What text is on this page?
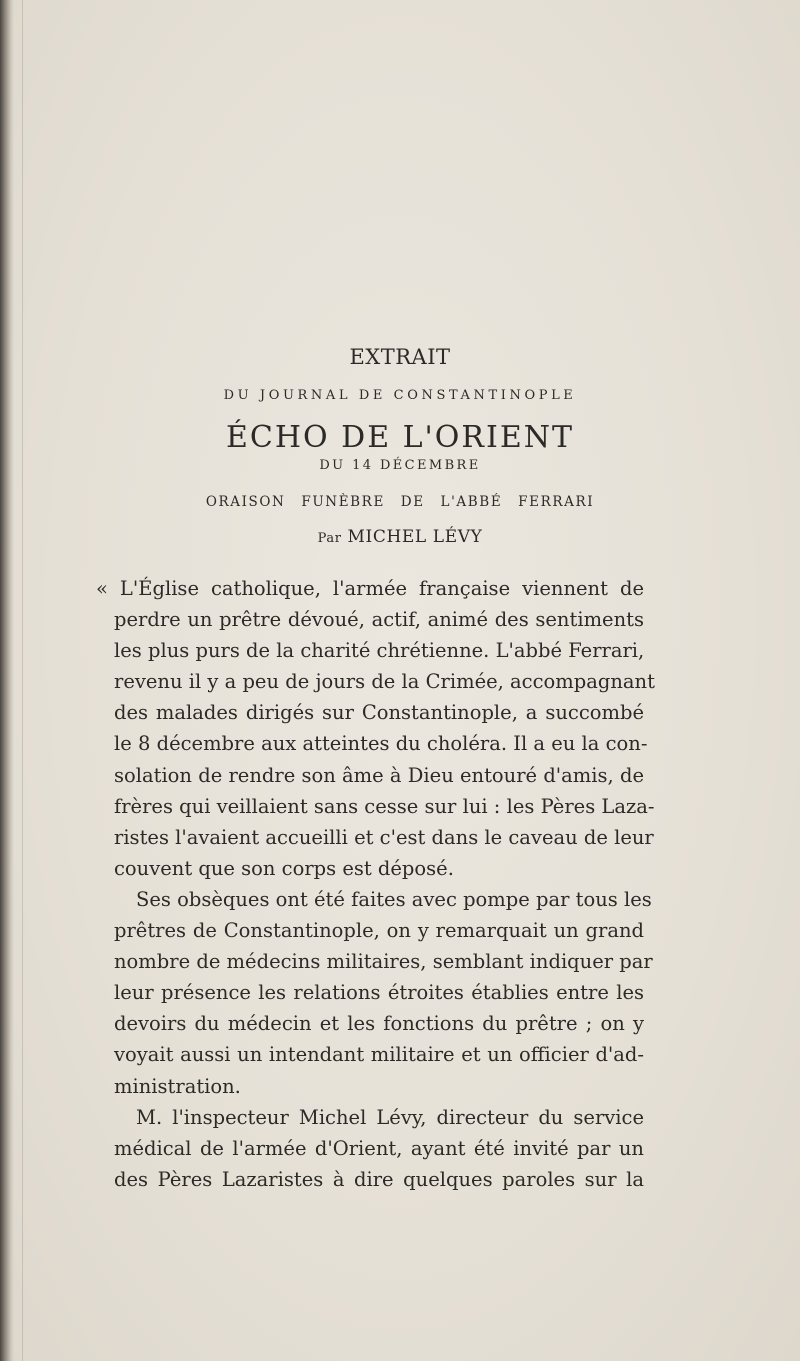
EXTRAIT
DU JOURNAL DE CONSTANTINOPLE
ÉCHO DE L'ORIENT
DU 14 DÉCEMBRE
ORAISON FUNÈBRE DE L'ABBÉ FERRARI
Par MICHEL LÉVY
« L'Église catholique, l'armée française viennent de
perdre un prêtre dévoué, actif, animé des sentiments
les plus purs de la charité chrétienne. L'abbé Ferrari,
revenu il y a peu de jours de la Crimée, accompagnant
des malades dirigés sur Constantinople, a succombé
le 8 décembre aux atteintes du choléra. Il a eu la con-
solation de rendre son âme à Dieu entouré d'amis, de
frères qui veillaient sans cesse sur lui : les Pères Laza-
ristes l'avaient accueilli et c'est dans le caveau de leur
couvent que son corps est déposé.
Ses obsèques ont été faites avec pompe par tous les
prêtres de Constantinople, on y remarquait un grand
nombre de médecins militaires, semblant indiquer par
leur présence les relations étroites établies entre les
devoirs du médecin et les fonctions du prêtre ; on y
voyait aussi un intendant militaire et un officier d'ad-
ministration.
M. l'inspecteur Michel Lévy, directeur du service
médical de l'armée d'Orient, ayant été invité par un
des Pères Lazaristes à dire quelques paroles sur la
